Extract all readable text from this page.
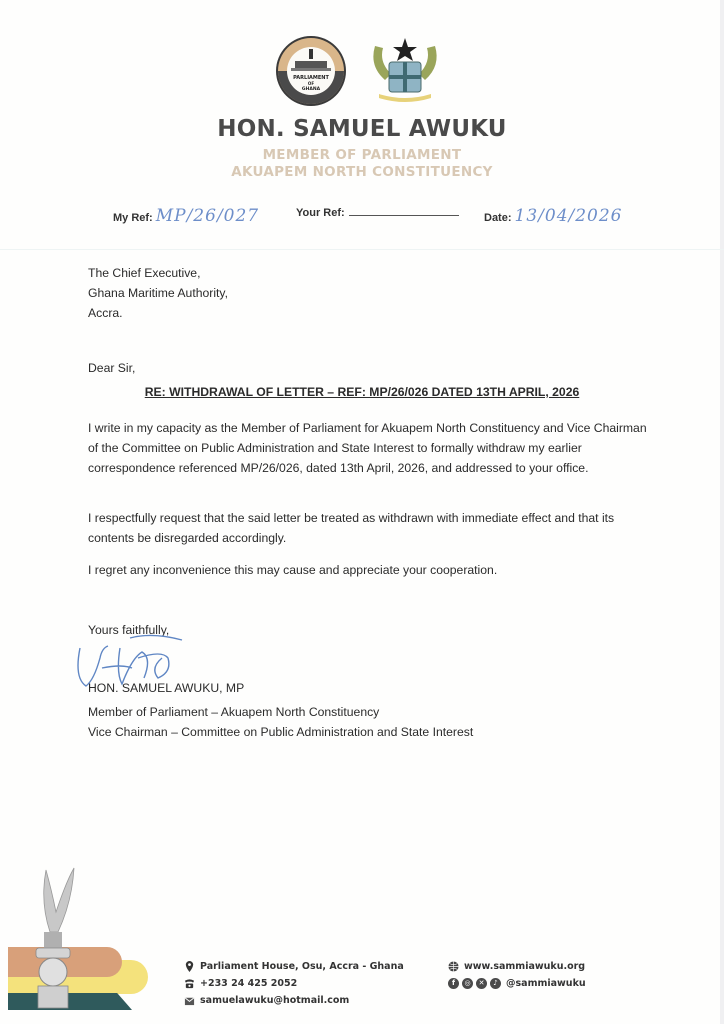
PARLIAMENT
OF
GHANA
HON. SAMUEL AWUKU
MEMBER OF PARLIAMENT
AKUAPEM NORTH CONSTITUENCY
My Ref: MP/26/027	Your Ref:	Date: 13/04/2026
The Chief Executive,
Ghana Maritime Authority,
Accra.
Dear Sir,
RE: WITHDRAWAL OF LETTER – REF: MP/26/026 DATED 13TH APRIL, 2026
I write in my capacity as the Member of Parliament for Akuapem North Constituency and Vice Chairman of the Committee on Public Administration and State Interest to formally withdraw my earlier correspondence referenced MP/26/026, dated 13th April, 2026, and addressed to your office.
I respectfully request that the said letter be treated as withdrawn with immediate effect and that its contents be disregarded accordingly.
I regret any inconvenience this may cause and appreciate your cooperation.
Yours faithfully,
HON. SAMUEL AWUKU, MP
Member of Parliament – Akuapem North Constituency
Vice Chairman – Committee on Public Administration and State Interest
Parliament House, Osu, Accra - Ghana
+233 24 425 2052
samuelawuku@hotmail.com
www.sammiawuku.org
f	◎	✕	♪ @sammiawuku
